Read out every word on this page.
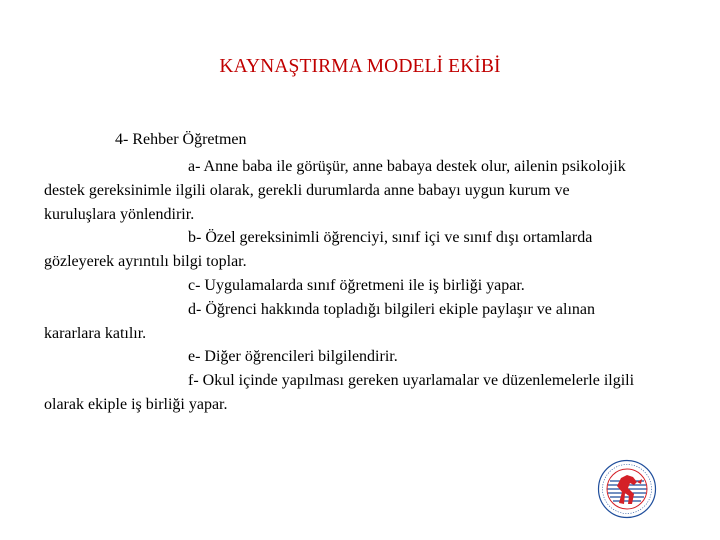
KAYNAŞTIRMA MODELİ EKİBİ
4- Rehber Öğretmen

a- Anne baba ile görüşür, anne babaya destek olur, ailenin psikolojik destek gereksinimle ilgili olarak, gerekli durumlarda anne babayı uygun kurum ve kuruluşlara yönlendirir.

b- Özel gereksinimli öğrenciyi, sınıf içi ve sınıf dışı ortamlarda gözleyerek ayrıntılı bilgi toplar.

c- Uygulamalarda sınıf öğretmeni ile iş birliği yapar.

d- Öğrenci hakkında topladığı bilgileri ekiple paylaşır ve alınan kararlara katılır.

e- Diğer öğrencileri bilgilendirir.

f- Okul içinde yapılması gereken uyarlamalar ve düzenlemelerle ilgili olarak ekiple iş birliği yapar.
